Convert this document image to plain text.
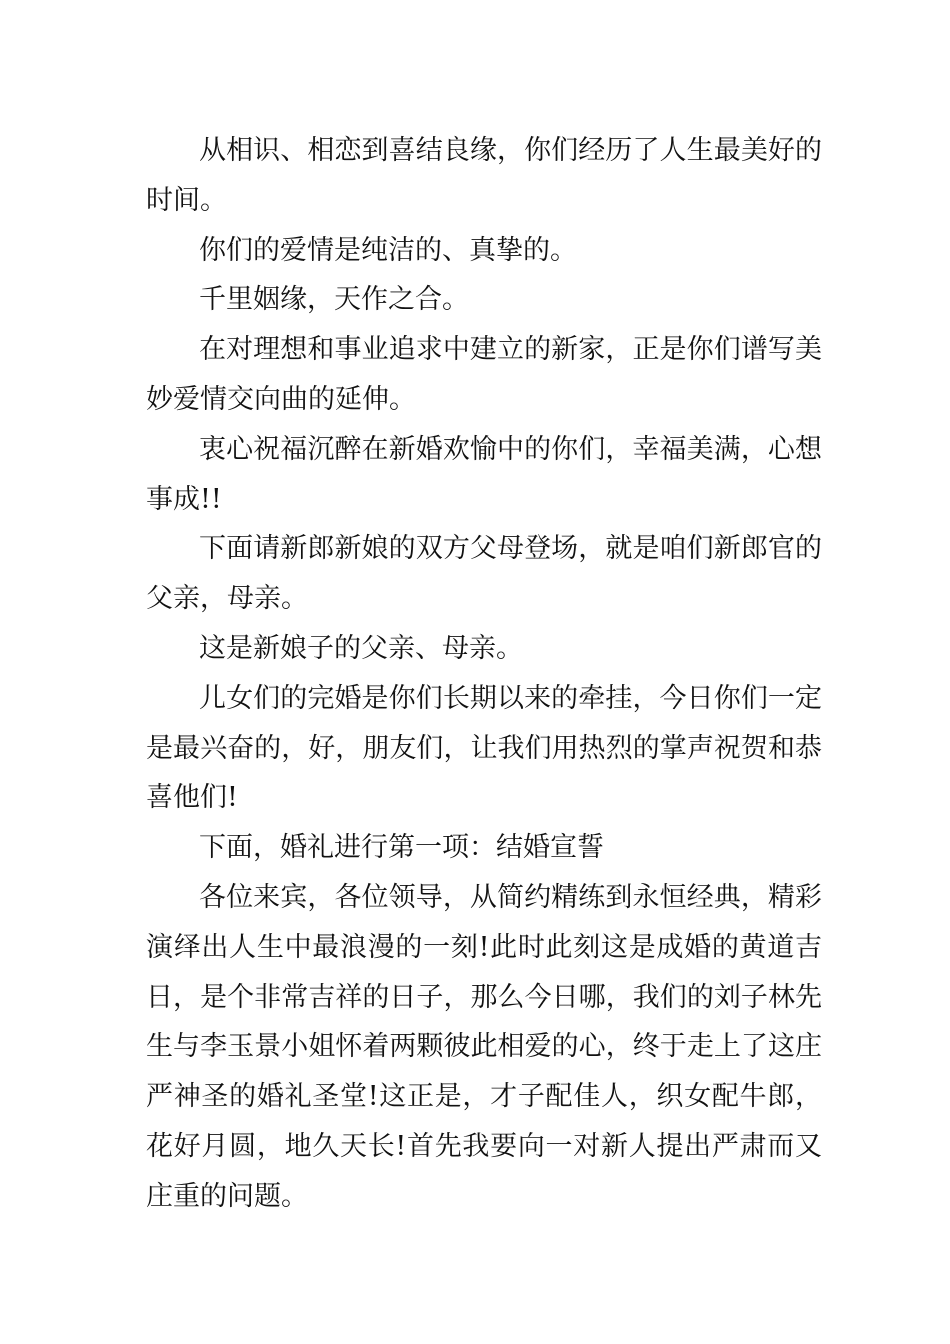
从相识、相恋到喜结良缘，你们经历了人生最美好的时间。

你们的爱情是纯洁的、真挚的。

千里姻缘，天作之合。

在对理想和事业追求中建立的新家，正是你们谱写美妙爱情交向曲的延伸。

衷心祝福沉醉在新婚欢愉中的你们，幸福美满，心想事成!!

下面请新郎新娘的双方父母登场，就是咱们新郎官的父亲，母亲。

这是新娘子的父亲、母亲。

儿女们的完婚是你们长期以来的牵挂，今日你们一定是最兴奋的，好，朋友们，让我们用热烈的掌声祝贺和恭喜他们!

下面，婚礼进行第一项：结婚宣誓

各位来宾，各位领导，从简约精练到永恒经典，精彩演绎出人生中最浪漫的一刻!此时此刻这是成婚的黄道吉日，是个非常吉祥的日子，那么今日哪，我们的刘子林先生与李玉景小姐怀着两颗彼此相爱的心，终于走上了这庄严神圣的婚礼圣堂!这正是，才子配佳人，织女配牛郎，花好月圆，地久天长!首先我要向一对新人提出严肃而又庄重的问题。
